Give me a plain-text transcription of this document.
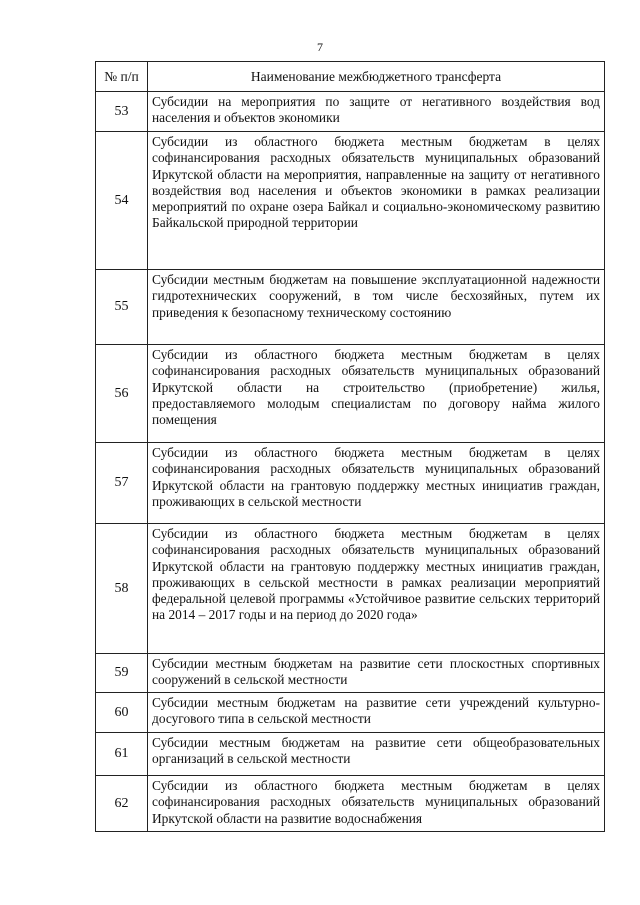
7
№ п/п	Наименование межбюджетного трансферта
53	Субсидии на мероприятия по защите от негативного воздействия вод населения и объектов экономики
54	Субсидии из областного бюджета местным бюджетам в целях софинансирования расходных обязательств муниципальных образований Иркутской области на мероприятия, направленные на защиту от негативного воздействия вод населения и объектов экономики в рамках реализации мероприятий по охране озера Байкал и социально-экономическому развитию Байкальской природной территории
55	Субсидии местным бюджетам на повышение эксплуатационной надежности гидротехнических сооружений, в том числе бесхозяйных, путем их приведения к безопасному техническому состоянию
56	Субсидии из областного бюджета местным бюджетам в целях софинансирования расходных обязательств муниципальных образований Иркутской области на строительство (приобретение) жилья, предоставляемого молодым специалистам по договору найма жилого помещения
57	Субсидии из областного бюджета местным бюджетам в целях софинансирования расходных обязательств муниципальных образований Иркутской области на грантовую поддержку местных инициатив граждан, проживающих в сельской местности
58	Субсидии из областного бюджета местным бюджетам в целях софинансирования расходных обязательств муниципальных образований Иркутской области на грантовую поддержку местных инициатив граждан, проживающих в сельской местности в рамках реализации мероприятий федеральной целевой программы «Устойчивое развитие сельских территорий на 2014 – 2017 годы и на период до 2020 года»
59	Субсидии местным бюджетам на развитие сети плоскостных спортивных сооружений в сельской местности
60	Субсидии местным бюджетам на развитие сети учреждений культурно-досугового типа в сельской местности
61	Субсидии местным бюджетам на развитие сети общеобразовательных организаций в сельской местности
62	Субсидии из областного бюджета местным бюджетам в целях софинансирования расходных обязательств муниципальных образований Иркутской области на развитие водоснабжения
